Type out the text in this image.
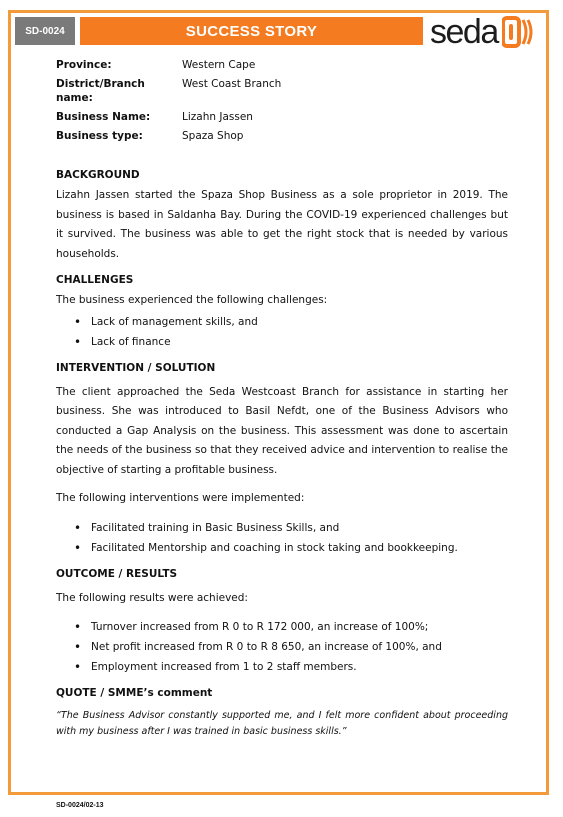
SD-0024	SUCCESS STORY	seda
Province:	Western Cape
District/Branch name:
West Coast Branch
Business Name:	Lizahn Jassen
Business type:	Spaza Shop
BACKGROUND

Lizahn Jassen started the Spaza Shop Business as a sole proprietor in 2019. The business is based in Saldanha Bay. During the COVID-19 experienced challenges but it survived. The business was able to get the right stock that is needed by various households.

CHALLENGES

The business experienced the following challenges:

• Lack of management skills, and
• Lack of finance
INTERVENTION / SOLUTION

The client approached the Seda Westcoast Branch for assistance in starting her business. She was introduced to Basil Nefdt, one of the Business Advisors who conducted a Gap Analysis on the business. This assessment was done to ascertain the needs of the business so that they received advice and intervention to realise the objective of starting a profitable business.

The following interventions were implemented:

• Facilitated training in Basic Business Skills, and
• Facilitated Mentorship and coaching in stock taking and bookkeeping.
OUTCOME / RESULTS

The following results were achieved:

• Turnover increased from R 0 to R 172 000, an increase of 100%;
• Net profit increased from R 0 to R 8 650, an increase of 100%, and
• Employment increased from 1 to 2 staff members.
QUOTE / SMME’s comment

“The Business Advisor constantly supported me, and I felt more confident about proceeding with my business after I was trained in basic business skills.”

SD-0024/02-13
